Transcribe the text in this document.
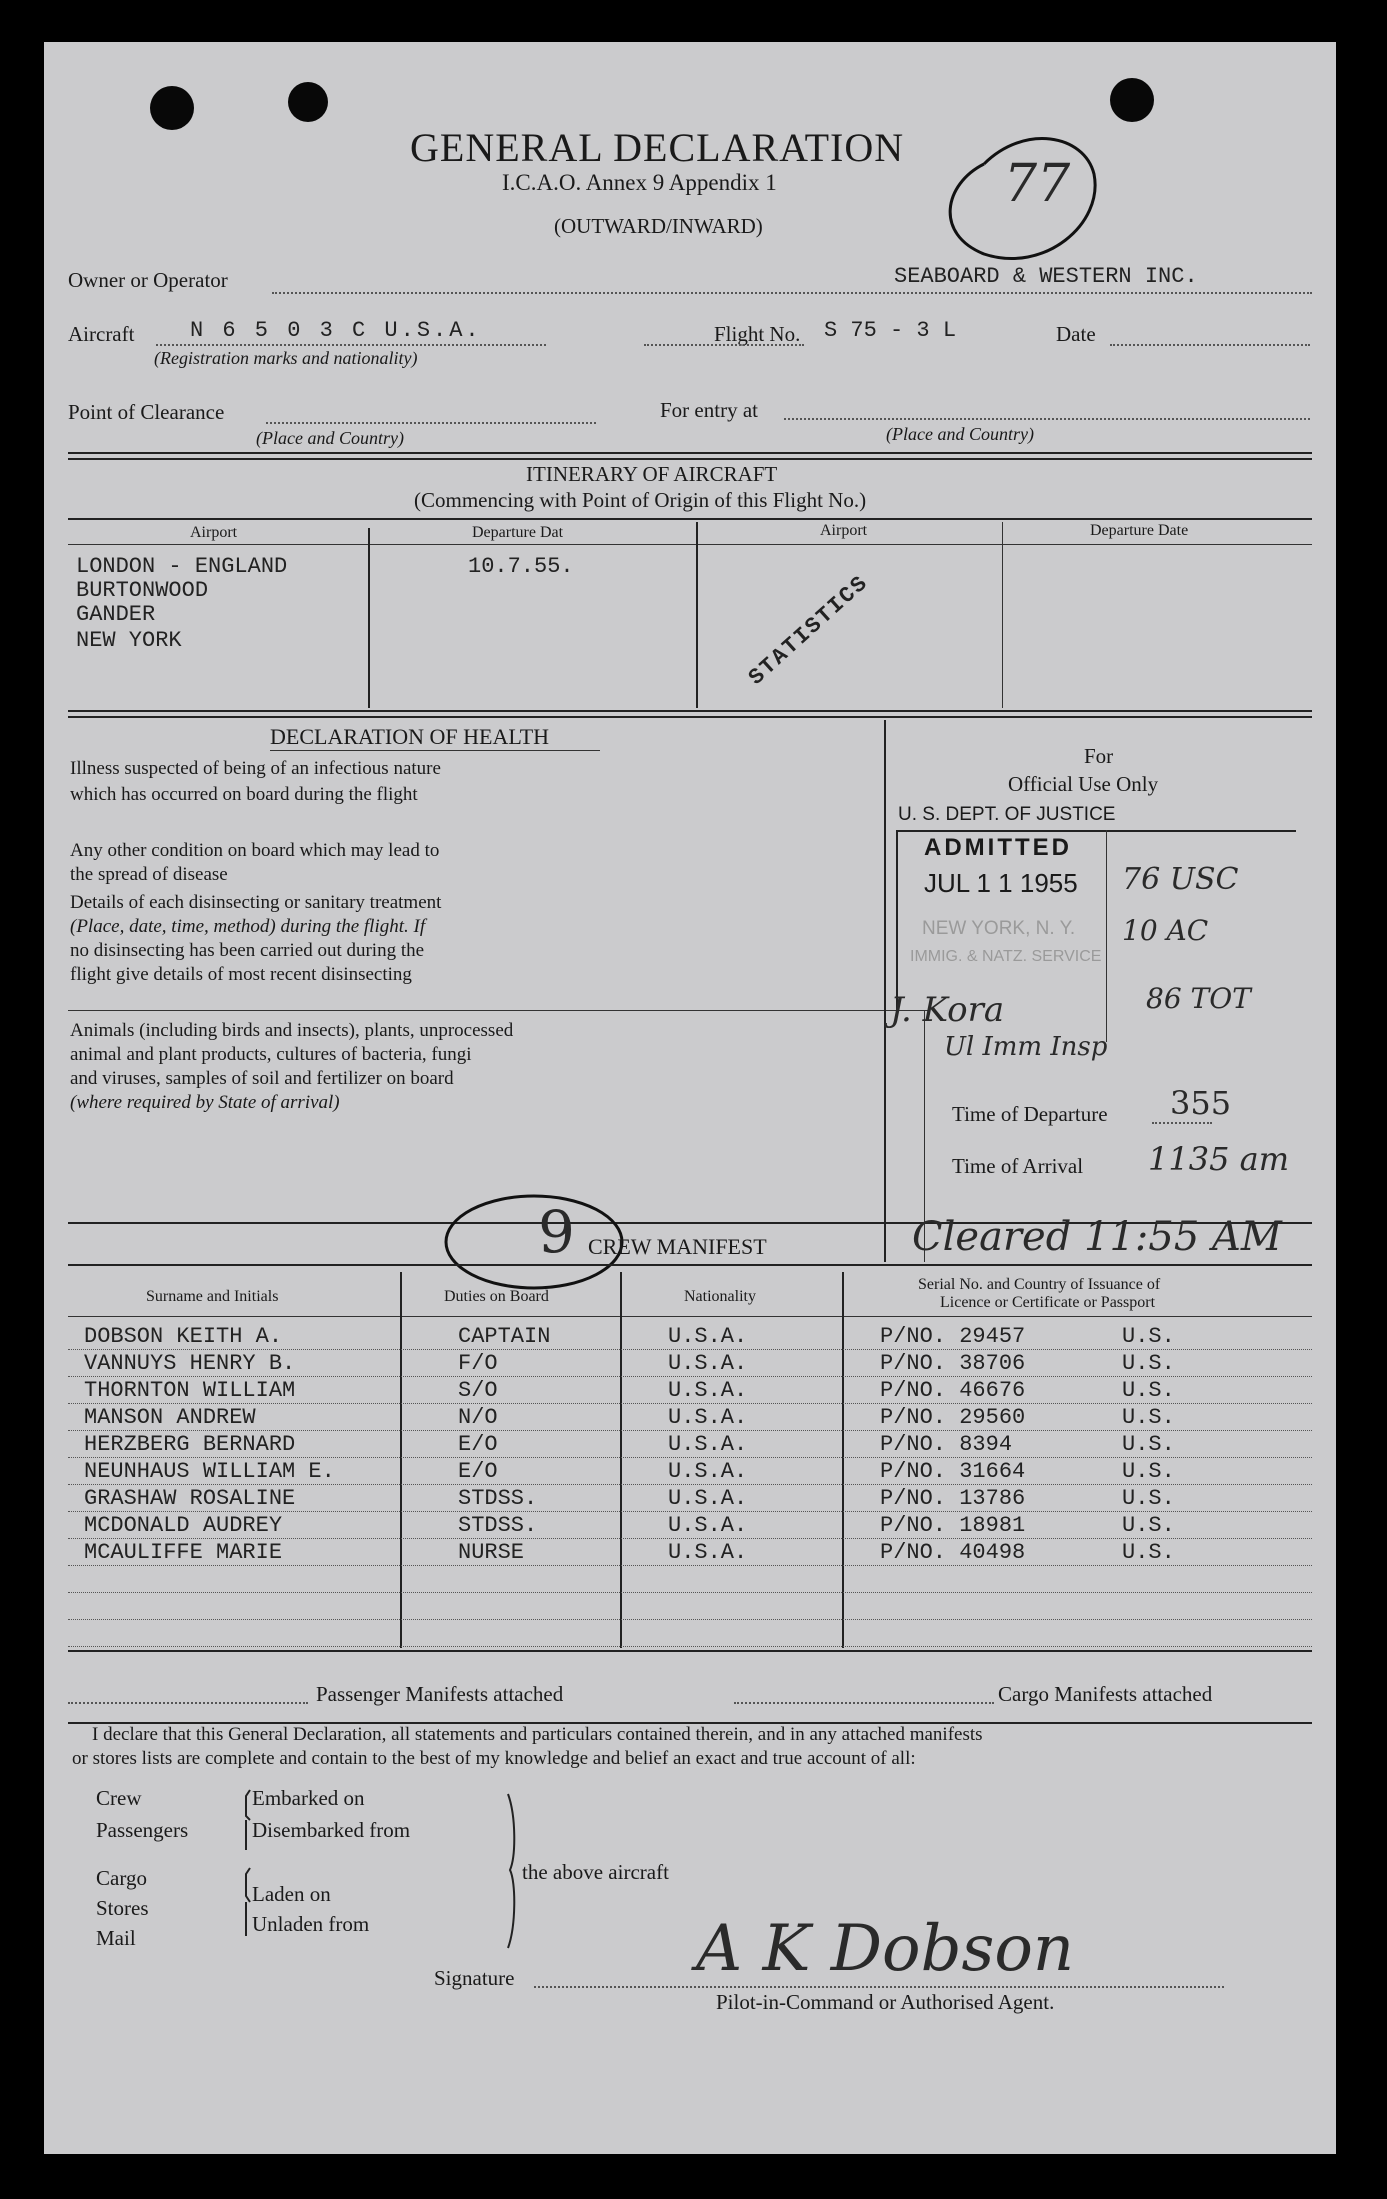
GENERAL DECLARATION
I.C.A.O. Annex 9 Appendix 1
(OUTWARD/INWARD)
77
Owner or Operator	SEABOARD & WESTERN INC.
Aircraft	N 6 5 0 3 C U.S.A.
(Registration marks and nationality)
Flight No. S 75 - 3 L	Date
Point of Clearance
(Place and Country)
For entry at
(Place and Country)
ITINERARY OF AIRCRAFT
(Commencing with Point of Origin of this Flight No.)
Airport	Departure Dat	Airport	Departure Date
LONDON - ENGLAND
BURTONWOOD
GANDER
NEW YORK
10.7.55.
STATISTICS
DECLARATION OF HEALTH
Illness suspected of being of an infectious nature
which has occurred on board during the flight
Any other condition on board which may lead to
the spread of disease
Details of each disinsecting or sanitary treatment
(Place, date, time, method) during the flight. If
no disinsecting has been carried out during the
flight give details of most recent disinsecting
Animals (including birds and insects), plants, unprocessed
animal and plant products, cultures of bacteria, fungi
and viruses, samples of soil and fertilizer on board
(where required by State of arrival)
For
Official Use Only
U. S. DEPT. OF JUSTICE
ADMITTED
JUL 1 1 1955
NEW YORK, N. Y.
IMMIG. & NATZ. SERVICE
76 USC
10 AC
86 TOT
J. Kora
Ul Imm Insp
Time of Departure 355
Time of Arrival 1135 am
9 CREW MANIFEST	Cleared 11:55 AM
Surname and Initials	Duties on Board	Nationality
Serial No. and Country of Issuance of
Licence or Certificate or Passport
DOBSON KEITH A.	CAPTAIN	U.S.A.	P/NO. 29457	U.S.
VANNUYS HENRY B.	F/O	U.S.A.	P/NO. 38706	U.S.
THORNTON WILLIAM	S/O	U.S.A.	P/NO. 46676	U.S.
MANSON ANDREW	N/O	U.S.A.	P/NO. 29560	U.S.
HERZBERG BERNARD	E/O	U.S.A.	P/NO. 8394	U.S.
NEUNHAUS WILLIAM E.	E/O	U.S.A.	P/NO. 31664	U.S.
GRASHAW ROSALINE	STDSS.	U.S.A.	P/NO. 13786	U.S.
MCDONALD AUDREY	STDSS.	U.S.A.	P/NO. 18981	U.S.
MCAULIFFE MARIE	NURSE	U.S.A.	P/NO. 40498	U.S.
Passenger Manifests attached	Cargo Manifests attached
I declare that this General Declaration, all statements and particulars contained therein, and in any attached manifests
or stores lists are complete and contain to the best of my knowledge and belief an exact and true account of all:
Crew
Passengers
Cargo
Stores
Mail
Embarked on
Disembarked from
Laden on
Unladen from
the above aircraft
Signature	A K Dobson
Pilot-in-Command or Authorised Agent.
